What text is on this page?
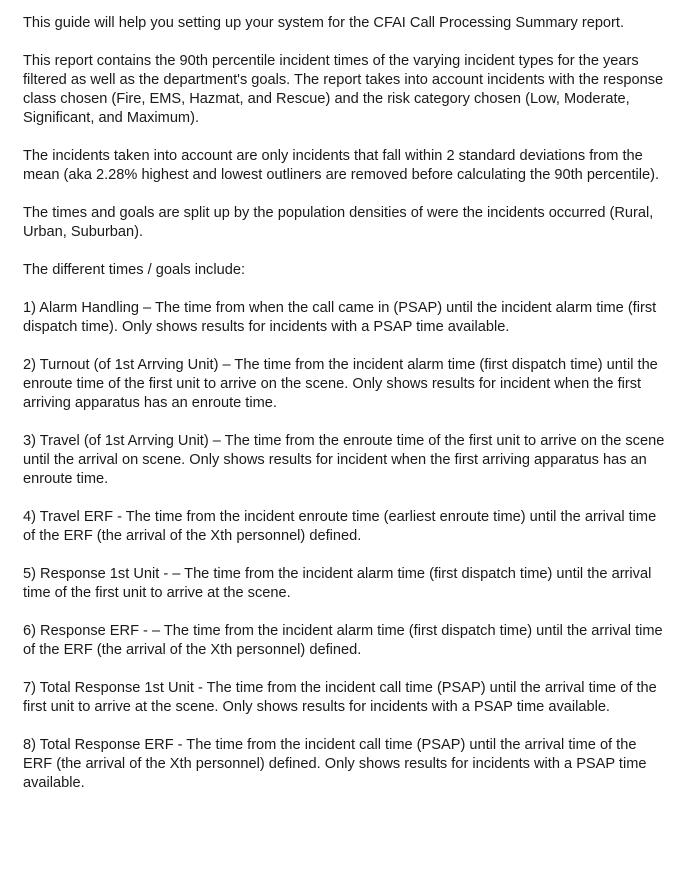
This guide will help you setting up your system for the CFAI Call Processing Summary report.

This report contains the 90th percentile incident times of the varying incident types for the years filtered as well as the department's goals. The report takes into account incidents with the response class chosen (Fire, EMS, Hazmat, and Rescue) and the risk category chosen (Low, Moderate, Significant, and Maximum).

The incidents taken into account are only incidents that fall within 2 standard deviations from the mean (aka 2.28% highest and lowest outliners are removed before calculating the 90th percentile).

The times and goals are split up by the population densities of were the incidents occurred (Rural, Urban, Suburban).

The different times / goals include:

1) Alarm Handling – The time from when the call came in (PSAP) until the incident alarm time (first dispatch time). Only shows results for incidents with a PSAP time available.

2) Turnout (of 1st Arrving Unit) – The time from the incident alarm time (first dispatch time) until the enroute time of the first unit to arrive on the scene. Only shows results for incident when the first arriving apparatus has an enroute time.

3) Travel (of 1st Arrving Unit) – The time from the enroute time of the first unit to arrive on the scene until the arrival on scene. Only shows results for incident when the first arriving apparatus has an enroute time.

4) Travel ERF - The time from the incident enroute time (earliest enroute time) until the arrival time of the ERF (the arrival of the Xth personnel) defined.

5) Response 1st Unit - – The time from the incident alarm time (first dispatch time) until the arrival time of the first unit to arrive at the scene.

6) Response ERF - – The time from the incident alarm time (first dispatch time) until the arrival time of the ERF (the arrival of the Xth personnel) defined.

7) Total Response 1st Unit - The time from the incident call time (PSAP) until the arrival time of the first unit to arrive at the scene. Only shows results for incidents with a PSAP time available.

8) Total Response ERF - The time from the incident call time (PSAP) until the arrival time of the ERF (the arrival of the Xth personnel) defined. Only shows results for incidents with a PSAP time available.
